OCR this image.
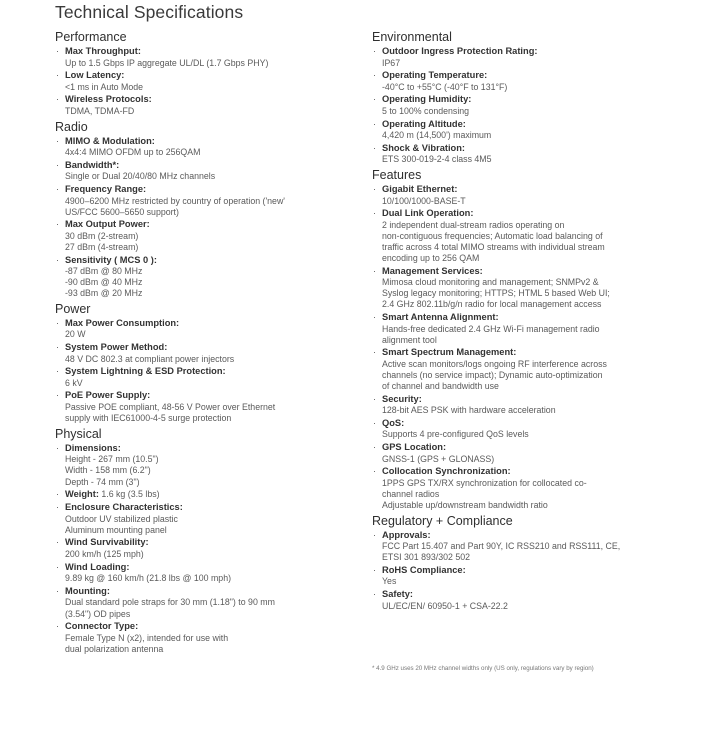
Technical Specifications
Performance
· Max Throughput:
Up to 1.5 Gbps IP aggregate UL/DL (1.7 Gbps PHY)
· Low Latency:
<1 ms in Auto Mode
· Wireless Protocols:
TDMA, TDMA-FD
Radio
· MIMO & Modulation:
4x4:4 MIMO OFDM up to 256QAM
· Bandwidth*:
Single or Dual 20/40/80 MHz channels
· Frequency Range:
4900–6200 MHz restricted by country of operation ('new'
US/FCC 5600–5650 support)
· Max Output Power:
30 dBm (2-stream)
27 dBm (4-stream)
· Sensitivity ( MCS 0 ):
-87 dBm @ 80 MHz
-90 dBm @ 40 MHz
-93 dBm @ 20 MHz
Power
· Max Power Consumption:
20 W
· System Power Method:
48 V DC 802.3 at compliant power injectors
· System Lightning & ESD Protection:
6 kV
· PoE Power Supply:
Passive POE compliant, 48-56 V Power over Ethernet
supply with IEC61000-4-5 surge protection
Physical
· Dimensions:
Height - 267 mm (10.5")
Width - 158 mm (6.2")
Depth - 74 mm (3")
· Weight: 1.6 kg (3.5 lbs)
· Enclosure Characteristics:
Outdoor UV stabilized plastic
Aluminum mounting panel
· Wind Survivability:
200 km/h (125 mph)
· Wind Loading:
9.89 kg @ 160 km/h (21.8 lbs @ 100 mph)
· Mounting:
Dual standard pole straps for 30 mm (1.18") to 90 mm
(3.54") OD pipes
· Connector Type:
Female Type N (x2), intended for use with
dual polarization antenna
Environmental
· Outdoor Ingress Protection Rating:
IP67
· Operating Temperature:
-40°C to +55°C (-40°F to 131°F)
· Operating Humidity:
5 to 100% condensing
· Operating Altitude:
4,420 m (14,500') maximum
· Shock & Vibration:
ETS 300-019-2-4 class 4M5
Features
· Gigabit Ethernet:
10/100/1000-BASE-T
· Dual Link Operation:
2 independent dual-stream radios operating on
non-contiguous frequencies; Automatic load balancing of
traffic across 4 total MIMO streams with individual stream
encoding up to 256 QAM
· Management Services:
Mimosa cloud monitoring and management; SNMPv2 &
Syslog legacy monitoring; HTTPS; HTML 5 based Web UI;
2.4 GHz 802.11b/g/n radio for local management access
· Smart Antenna Alignment:
Hands-free dedicated 2.4 GHz Wi-Fi management radio
alignment tool
· Smart Spectrum Management:
Active scan monitors/logs ongoing RF interference across
channels (no service impact); Dynamic auto-optimization
of channel and bandwidth use
· Security:
128-bit AES PSK with hardware acceleration
· QoS:
Supports 4 pre-configured QoS levels
· GPS Location:
GNSS-1 (GPS + GLONASS)
· Collocation Synchronization:
1PPS GPS TX/RX synchronization for collocated co-
channel radios
Adjustable up/downstream bandwidth ratio
Regulatory + Compliance
· Approvals:
FCC Part 15.407 and Part 90Y, IC RSS210 and RSS111, CE,
ETSI 301 893/302 502
· RoHS Compliance:
Yes
· Safety:
UL/EC/EN/ 60950-1 + CSA-22.2
* 4.9 GHz uses 20 MHz channel widths only (US only, regulations vary by region)
